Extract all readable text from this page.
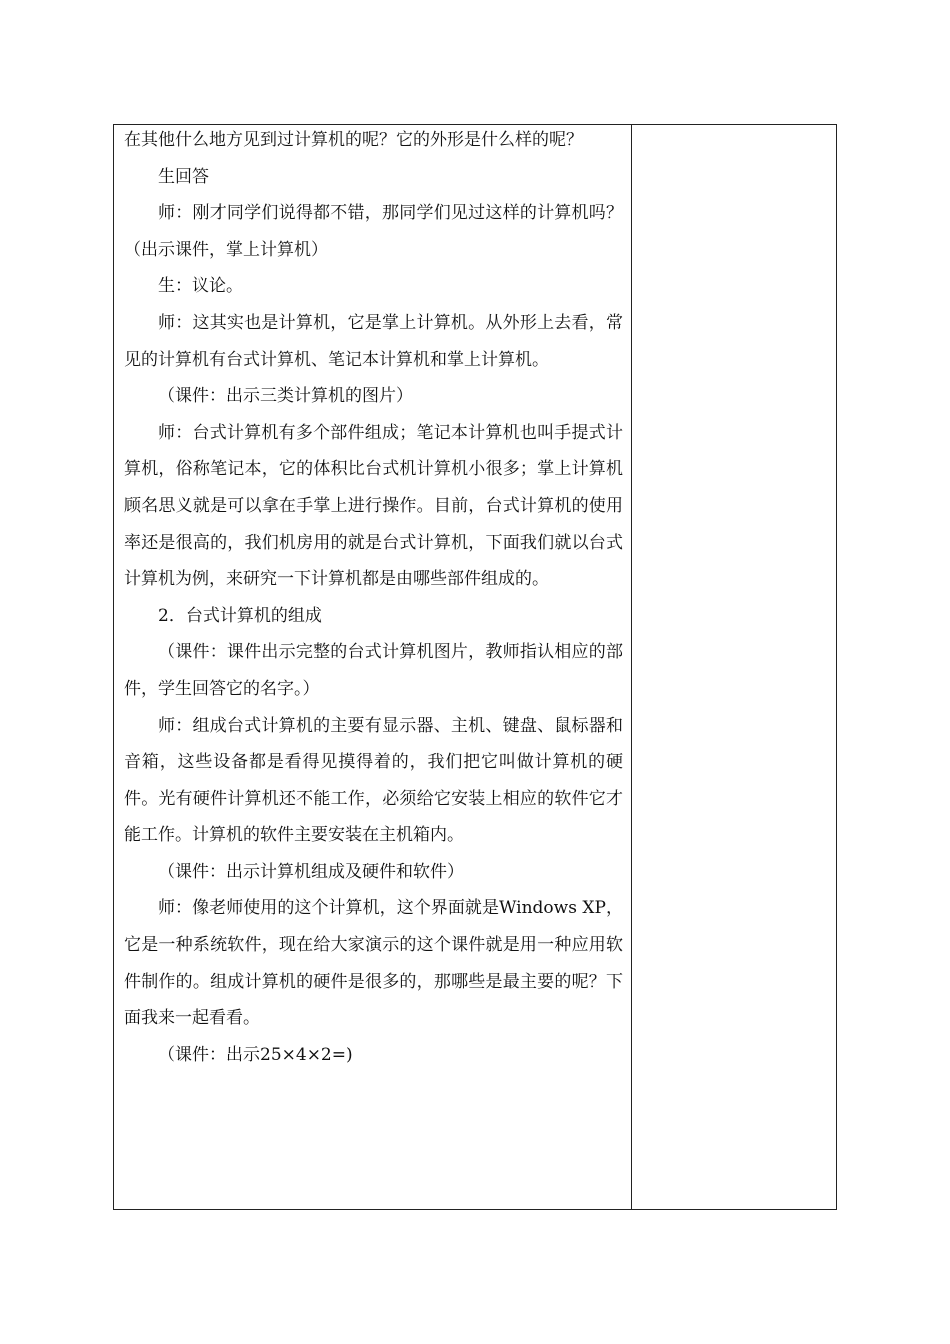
在其他什么地方见到过计算机的呢？它的外形是什么样的呢？

生回答

师：刚才同学们说得都不错，那同学们见过这样的计算机吗？（出示课件，掌上计算机）

生：议论。

师：这其实也是计算机，它是掌上计算机。从外形上去看，常见的计算机有台式计算机、笔记本计算机和掌上计算机。

（课件：出示三类计算机的图片）

师：台式计算机有多个部件组成；笔记本计算机也叫手提式计算机，俗称笔记本，它的体积比台式机计算机小很多；掌上计算机顾名思义就是可以拿在手掌上进行操作。目前，台式计算机的使用率还是很高的，我们机房用的就是台式计算机，下面我们就以台式计算机为例，来研究一下计算机都是由哪些部件组成的。

2．台式计算机的组成

（课件：课件出示完整的台式计算机图片，教师指认相应的部件，学生回答它的名字。）

师：组成台式计算机的主要有显示器、主机、键盘、鼠标器和音箱，这些设备都是看得见摸得着的，我们把它叫做计算机的硬件。光有硬件计算机还不能工作，必须给它安装上相应的软件它才能工作。计算机的软件主要安装在主机箱内。

（课件：出示计算机组成及硬件和软件）

师：像老师使用的这个计算机，这个界面就是Windows XP，它是一种系统软件，现在给大家演示的这个课件就是用一种应用软件制作的。组成计算机的硬件是很多的，那哪些是最主要的呢？下面我来一起看看。

（课件：出示25×4×2=)
